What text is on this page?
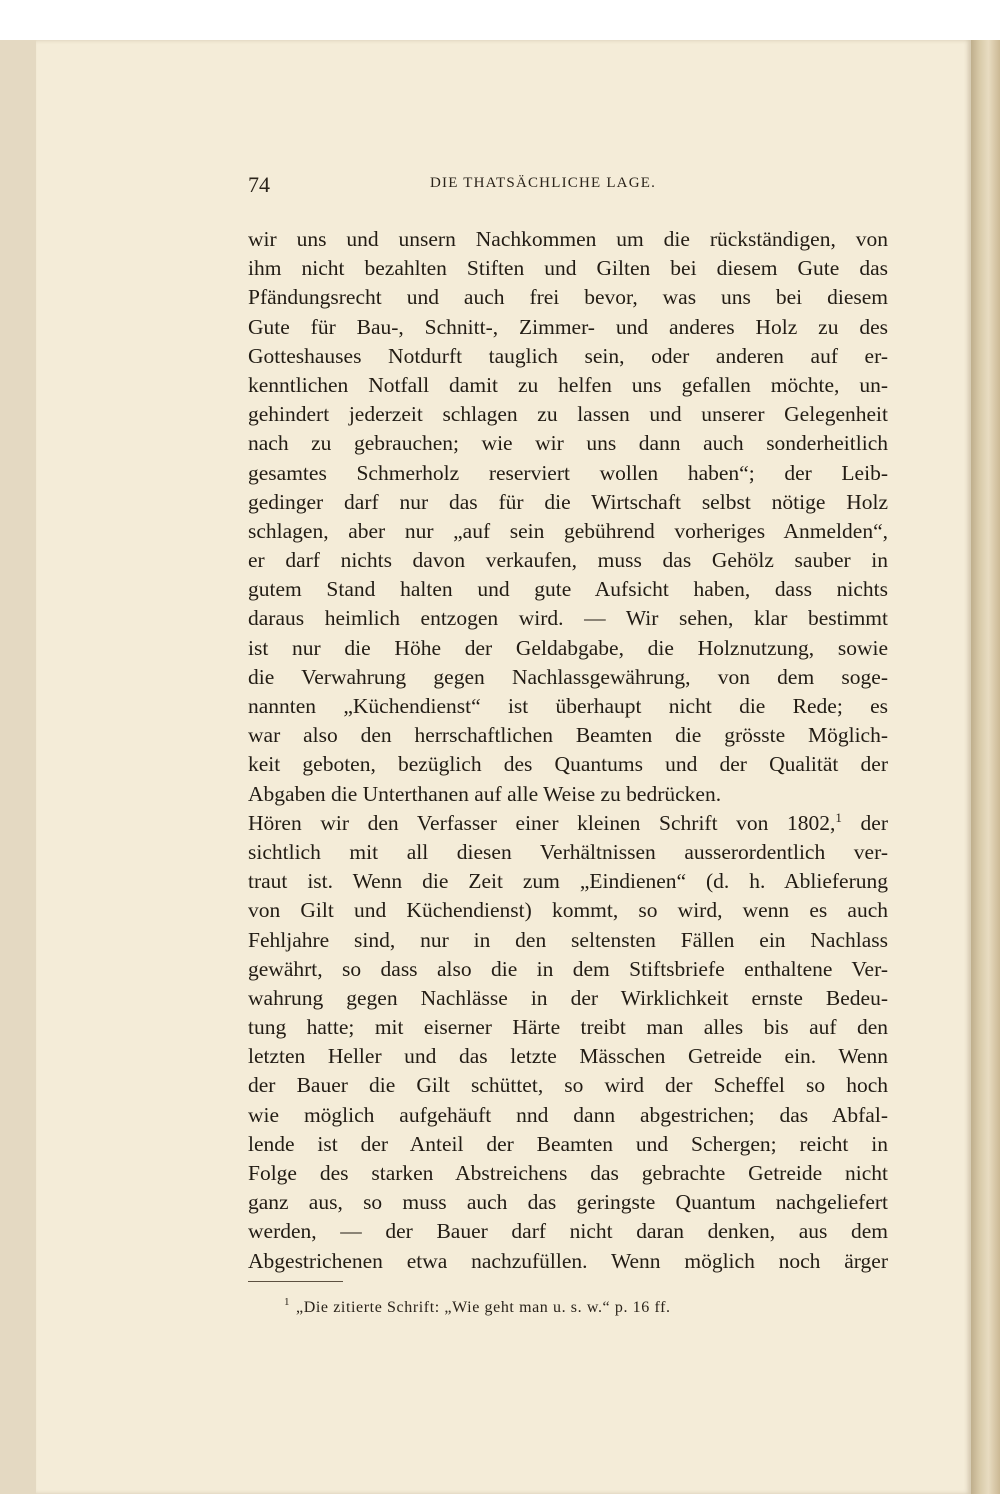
74	DIE THATSÄCHLICHE LAGE.

wir uns und unsern Nachkommen um die rückständigen, von
ihm nicht bezahlten Stiften und Gilten bei diesem Gute das
Pfändungsrecht und auch frei bevor, was uns bei diesem
Gute für Bau-, Schnitt-, Zimmer- und anderes Holz zu des
Gotteshauses Notdurft tauglich sein, oder anderen auf er-
kenntlichen Notfall damit zu helfen uns gefallen möchte, un-
gehindert jederzeit schlagen zu lassen und unserer Gelegenheit
nach zu gebrauchen; wie wir uns dann auch sonderheitlich
gesamtes Schmerholz reserviert wollen haben“; der Leib-
gedinger darf nur das für die Wirtschaft selbst nötige Holz
schlagen, aber nur „auf sein gebührend vorheriges Anmelden“,
er darf nichts davon verkaufen, muss das Gehölz sauber in
gutem Stand halten und gute Aufsicht haben, dass nichts
daraus heimlich entzogen wird. — Wir sehen, klar bestimmt
ist nur die Höhe der Geldabgabe, die Holznutzung, sowie
die Verwahrung gegen Nachlassgewährung, von dem soge-
nannten „Küchendienst“ ist überhaupt nicht die Rede; es
war also den herrschaftlichen Beamten die grösste Möglich-
keit geboten, bezüglich des Quantums und der Qualität der
Abgaben die Unterthanen auf alle Weise zu bedrücken.
Hören wir den Verfasser einer kleinen Schrift von 1802,$^1$ der
sichtlich mit all diesen Verhältnissen ausserordentlich ver-
traut ist. Wenn die Zeit zum „Eindienen“ (d. h. Ablieferung
von Gilt und Küchendienst) kommt, so wird, wenn es auch
Fehljahre sind, nur in den seltensten Fällen ein Nachlass
gewährt, so dass also die in dem Stiftsbriefe enthaltene Ver-
wahrung gegen Nachlässe in der Wirklichkeit ernste Bedeu-
tung hatte; mit eiserner Härte treibt man alles bis auf den
letzten Heller und das letzte Mässchen Getreide ein. Wenn
der Bauer die Gilt schüttet, so wird der Scheffel so hoch
wie möglich aufgehäuft nnd dann abgestrichen; das Abfal-
lende ist der Anteil der Beamten und Schergen; reicht in
Folge des starken Abstreichens das gebrachte Getreide nicht
ganz aus, so muss auch das geringste Quantum nachgeliefert
werden, — der Bauer darf nicht daran denken, aus dem
Abgestrichenen etwa nachzufüllen. Wenn möglich noch ärger
1 „Die zitierte Schrift: „Wie geht man u. s. w.“ p. 16 ff.
